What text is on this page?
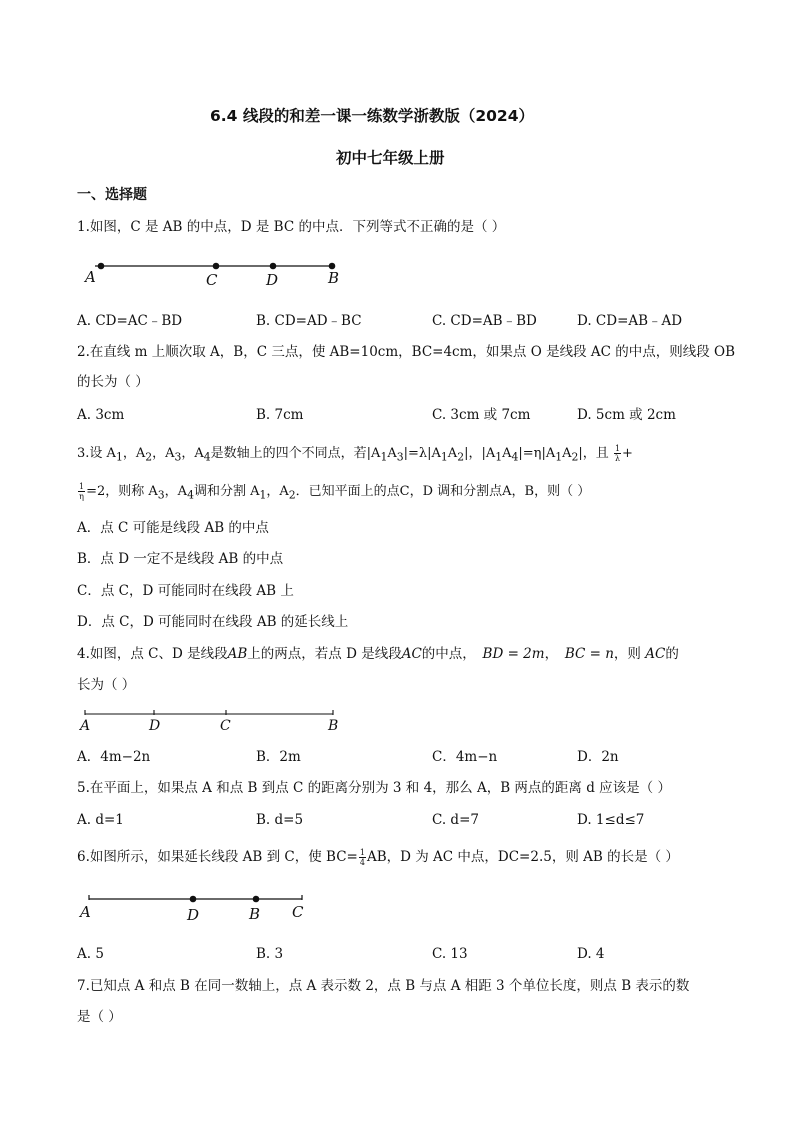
6.4 线段的和差一课一练数学浙教版（2024）
初中七年级上册
一、选择题
1.如图，C 是 AB 的中点，D 是 BC 的中点．下列等式不正确的是（ ）
A	C	D	B
A. CD=AC﹣BD	B. CD=AD﹣BC	C. CD=AB﹣BD	D. CD=AB﹣AD
2.在直线 m 上顺次取 A，B，C 三点，使 AB=10cm，BC=4cm，如果点 O 是线段 AC 的中点，则线段 OB
的长为（ ）
A. 3cm	B. 7cm	C. 3cm 或 7cm	D. 5cm 或 2cm
3.设 $A_1$，$A_2$，$A_3$，$A_4$是数轴上的四个不同点，若$|A_1A_3|=\lambda|A_1A_2|$，$|A_1A_4|=\eta|A_1A_2|$，且 $\frac{1}{\lambda}$ +
$\frac{1}{\eta} =2$，则称 $A_3$，$A_4$调和分割 $A_1$，$A_2$．已知平面上的点C，D 调和分割点A，B，则（ ）
A．点 C 可能是线段 AB 的中点
B．点 D 一定不是线段 AB 的中点
C．点 C，D 可能同时在线段 AB 上
D．点 C，D 可能同时在线段 AB 的延长线上
4.如图，点 C、D 是线段AB上的两点，若点 D 是线段AC的中点，  BD = 2m，  BC = n，则 AC的
长为（ ）
A	D	C	B
A．4m−2n	B．2m	C．4m−n	D．2n
5.在平面上，如果点 A 和点 B 到点 C 的距离分别为 3 和 4，那么 A，B 两点的距离 d 应该是（ ）
A. d=1	B. d=5	C. d=7	D. 1≤d≤7
6.如图所示，如果延长线段 AB 到 C，使 $BC= \frac{1}{4}$ AB，D 为 AC 中点，DC=2.5，则 AB 的长是（ ）
A	D	B C
A. 5	B. 3	C. 13	D. 4
7.已知点 A 和点 B 在同一数轴上，点 A 表示数 2，点 B 与点 A 相距 3 个单位长度，则点 B 表示的数
是（ ）
